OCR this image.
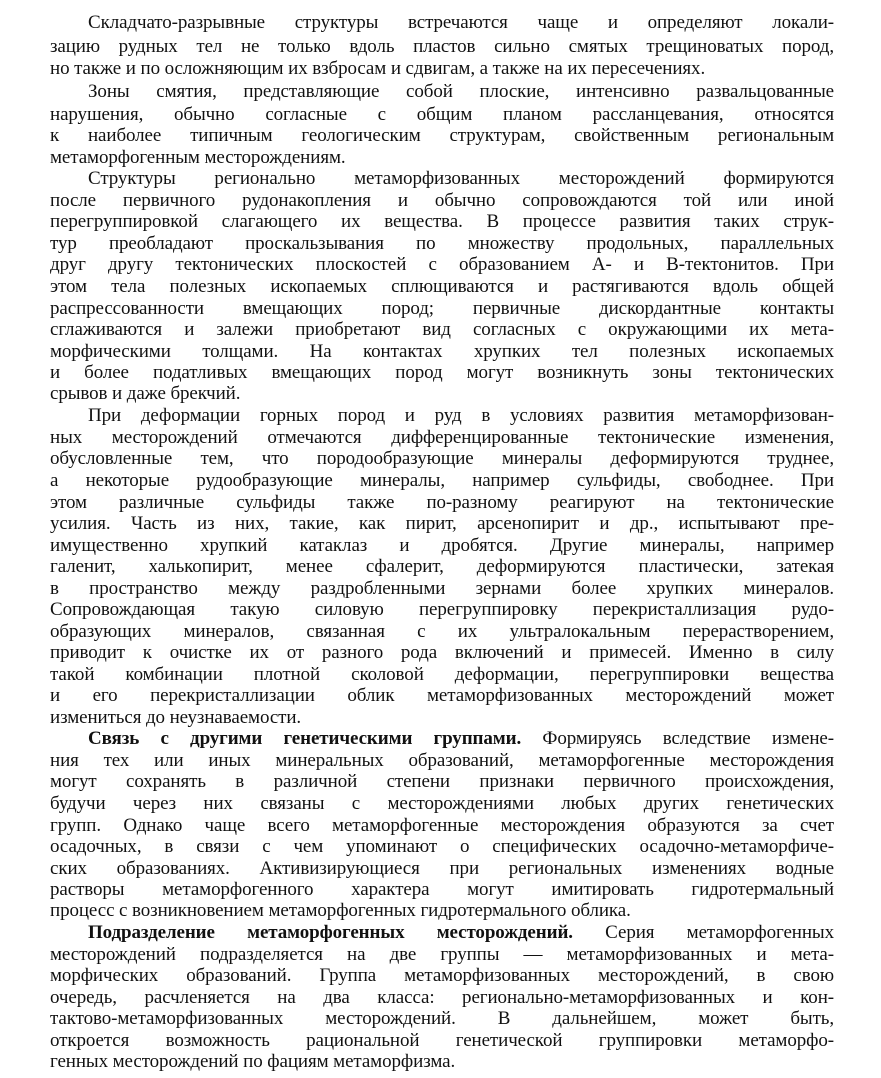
Складчато-разрывные структуры встречаются чаще и определяют локали-
зацию рудных тел не только вдоль пластов сильно смятых трещиноватых пород,
но также и по осложняющим их взбросам и сдвигам, а также на их пересечениях.
Зоны смятия, представляющие собой плоские, интенсивно развальцованные
нарушения, обычно согласные с общим планом рассланцевания, относятся
к наиболее типичным геологическим структурам, свойственным региональным
метаморфогенным месторождениям.
Структуры регионально метаморфизованных месторождений формируются
после первичного рудонакопления и обычно сопровождаются той или иной
перегруппировкой слагающего их вещества. В процессе развития таких струк-
тур преобладают проскальзывания по множеству продольных, параллельных
друг другу тектонических плоскостей с образованием A- и B-тектонитов. При
этом тела полезных ископаемых сплющиваются и растягиваются вдоль общей
распрессованности вмещающих пород; первичные дискордантные контакты
сглаживаются и залежи приобретают вид согласных с окружающими их мета-
морфическими толщами. На контактах хрупких тел полезных ископаемых
и более податливых вмещающих пород могут возникнуть зоны тектонических
срывов и даже брекчий.
При деформации горных пород и руд в условиях развития метаморфизован-
ных месторождений отмечаются дифференцированные тектонические изменения,
обусловленные тем, что породообразующие минералы деформируются труднее,
а некоторые рудообразующие минералы, например сульфиды, свободнее. При
этом различные сульфиды также по-разному реагируют на тектонические
усилия. Часть из них, такие, как пирит, арсенопирит и др., испытывают пре-
имущественно хрупкий катаклаз и дробятся. Другие минералы, например
галенит, халькопирит, менее сфалерит, деформируются пластически, затекая
в пространство между раздробленными зернами более хрупких минералов.
Сопровождающая такую силовую перегруппировку перекристаллизация рудо-
образующих минералов, связанная с их ультралокальным перерастворением,
приводит к очистке их от разного рода включений и примесей. Именно в силу
такой комбинации плотной сколовой деформации, перегруппировки вещества
и его перекристаллизации облик метаморфизованных месторождений может
измениться до неузнаваемости.
Связь с другими генетическими группами. Формируясь вследствие измене-
ния тех или иных минеральных образований, метаморфогенные месторождения
могут сохранять в различной степени признаки первичного происхождения,
будучи через них связаны с месторождениями любых других генетических
групп. Однако чаще всего метаморфогенные месторождения образуются за счет
осадочных, в связи с чем упоминают о специфических осадочно-метаморфиче-
ских образованиях. Активизирующиеся при региональных изменениях водные
растворы метаморфогенного характера могут имитировать гидротермальный
процесс с возникновением метаморфогенных гидротермального облика.
Подразделение метаморфогенных месторождений. Серия метаморфогенных
месторождений подразделяется на две группы — метаморфизованных и мета-
морфических образований. Группа метаморфизованных месторождений, в свою
очередь, расчленяется на два класса: регионально-метаморфизованных и кон-
тактово-метаморфизованных месторождений. В дальнейшем, может быть,
откроется возможность рациональной генетической группировки метаморфо-
генных месторождений по фациям метаморфизма.
